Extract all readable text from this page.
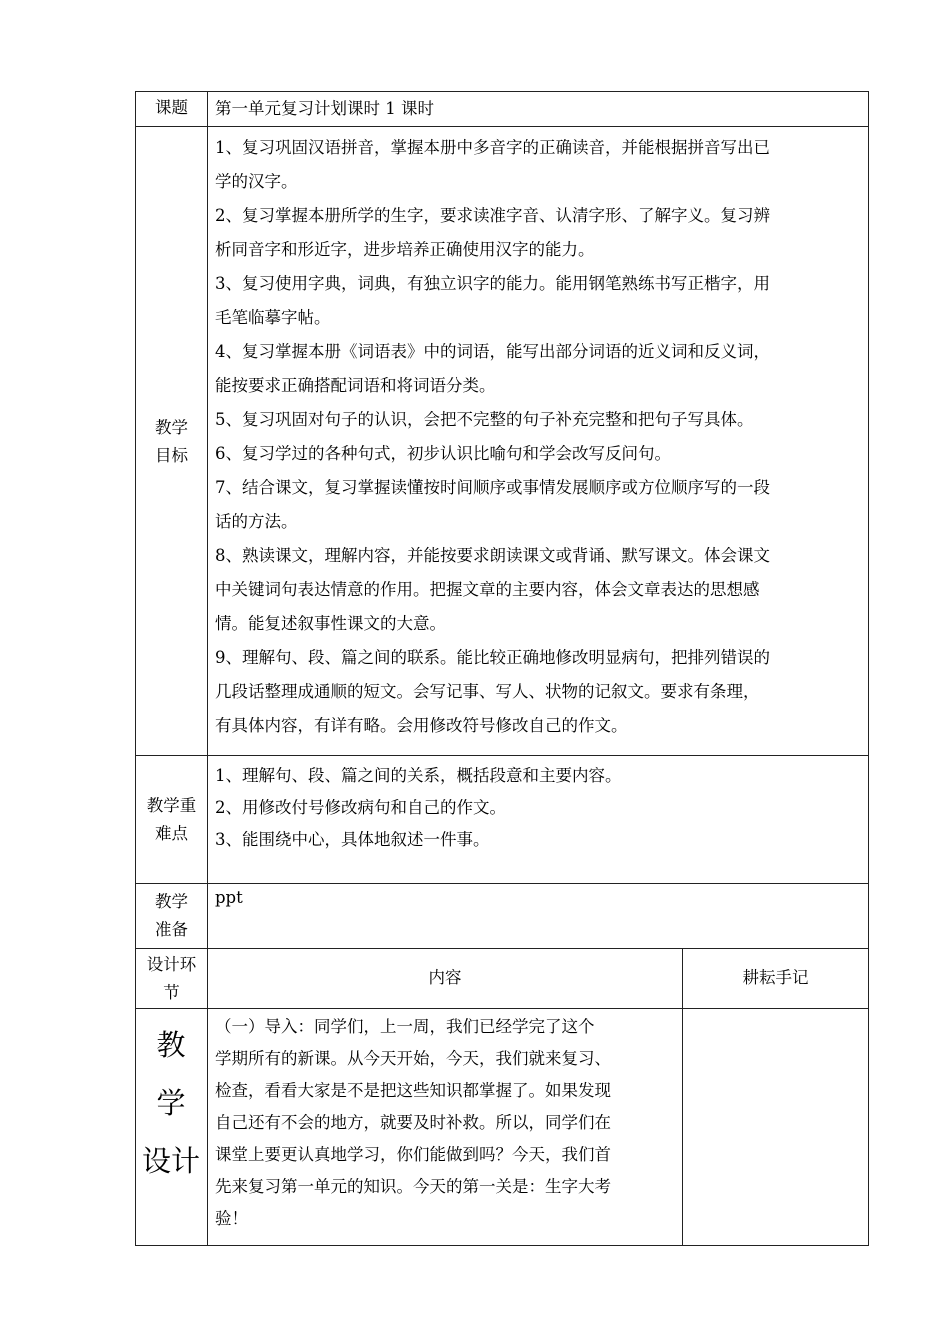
课题	第一单元复习计划课时 1 课时
教学
目标
1、复习巩固汉语拼音，掌握本册中多音字的正确读音，并能根据拼音写出已
学的汉字。
2、复习掌握本册所学的生字，要求读准字音、认清字形、了解字义。复习辨
析同音字和形近字，进步培养正确使用汉字的能力。
3、复习使用字典，词典，有独立识字的能力。能用钢笔熟练书写正楷字，用
毛笔临摹字帖。
4、复习掌握本册《词语表》中的词语，能写出部分词语的近义词和反义词，
能按要求正确搭配词语和将词语分类。
5、复习巩固对句子的认识，会把不完整的句子补充完整和把句子写具体。
6、复习学过的各种句式，初步认识比喻句和学会改写反问句。
7、结合课文，复习掌握读懂按时间顺序或事情发展顺序或方位顺序写的一段
话的方法。
8、熟读课文，理解内容，并能按要求朗读课文或背诵、默写课文。体会课文
中关键词句表达情意的作用。把握文章的主要内容，体会文章表达的思想感
情。能复述叙事性课文的大意。
9、理解句、段、篇之间的联系。能比较正确地修改明显病句，把排列错误的
几段话整理成通顺的短文。会写记事、写人、状物的记叙文。要求有条理，
有具体内容，有详有略。会用修改符号修改自己的作文。
教学重
难点
1、理解句、段、篇之间的关系，概括段意和主要内容。
2、用修改付号修改病句和自己的作文。
3、能围绕中心，具体地叙述一件事。
教学
准备
ppt
设计环
节
内容	耕耘手记
教
学
设计
（一）导入：同学们，上一周，我们已经学完了这个
学期所有的新课。从今天开始，今天，我们就来复习、
检查，看看大家是不是把这些知识都掌握了。如果发现
自己还有不会的地方，就要及时补救。所以，同学们在
课堂上要更认真地学习，你们能做到吗？今天，我们首
先来复习第一单元的知识。今天的第一关是：生字大考
验！
